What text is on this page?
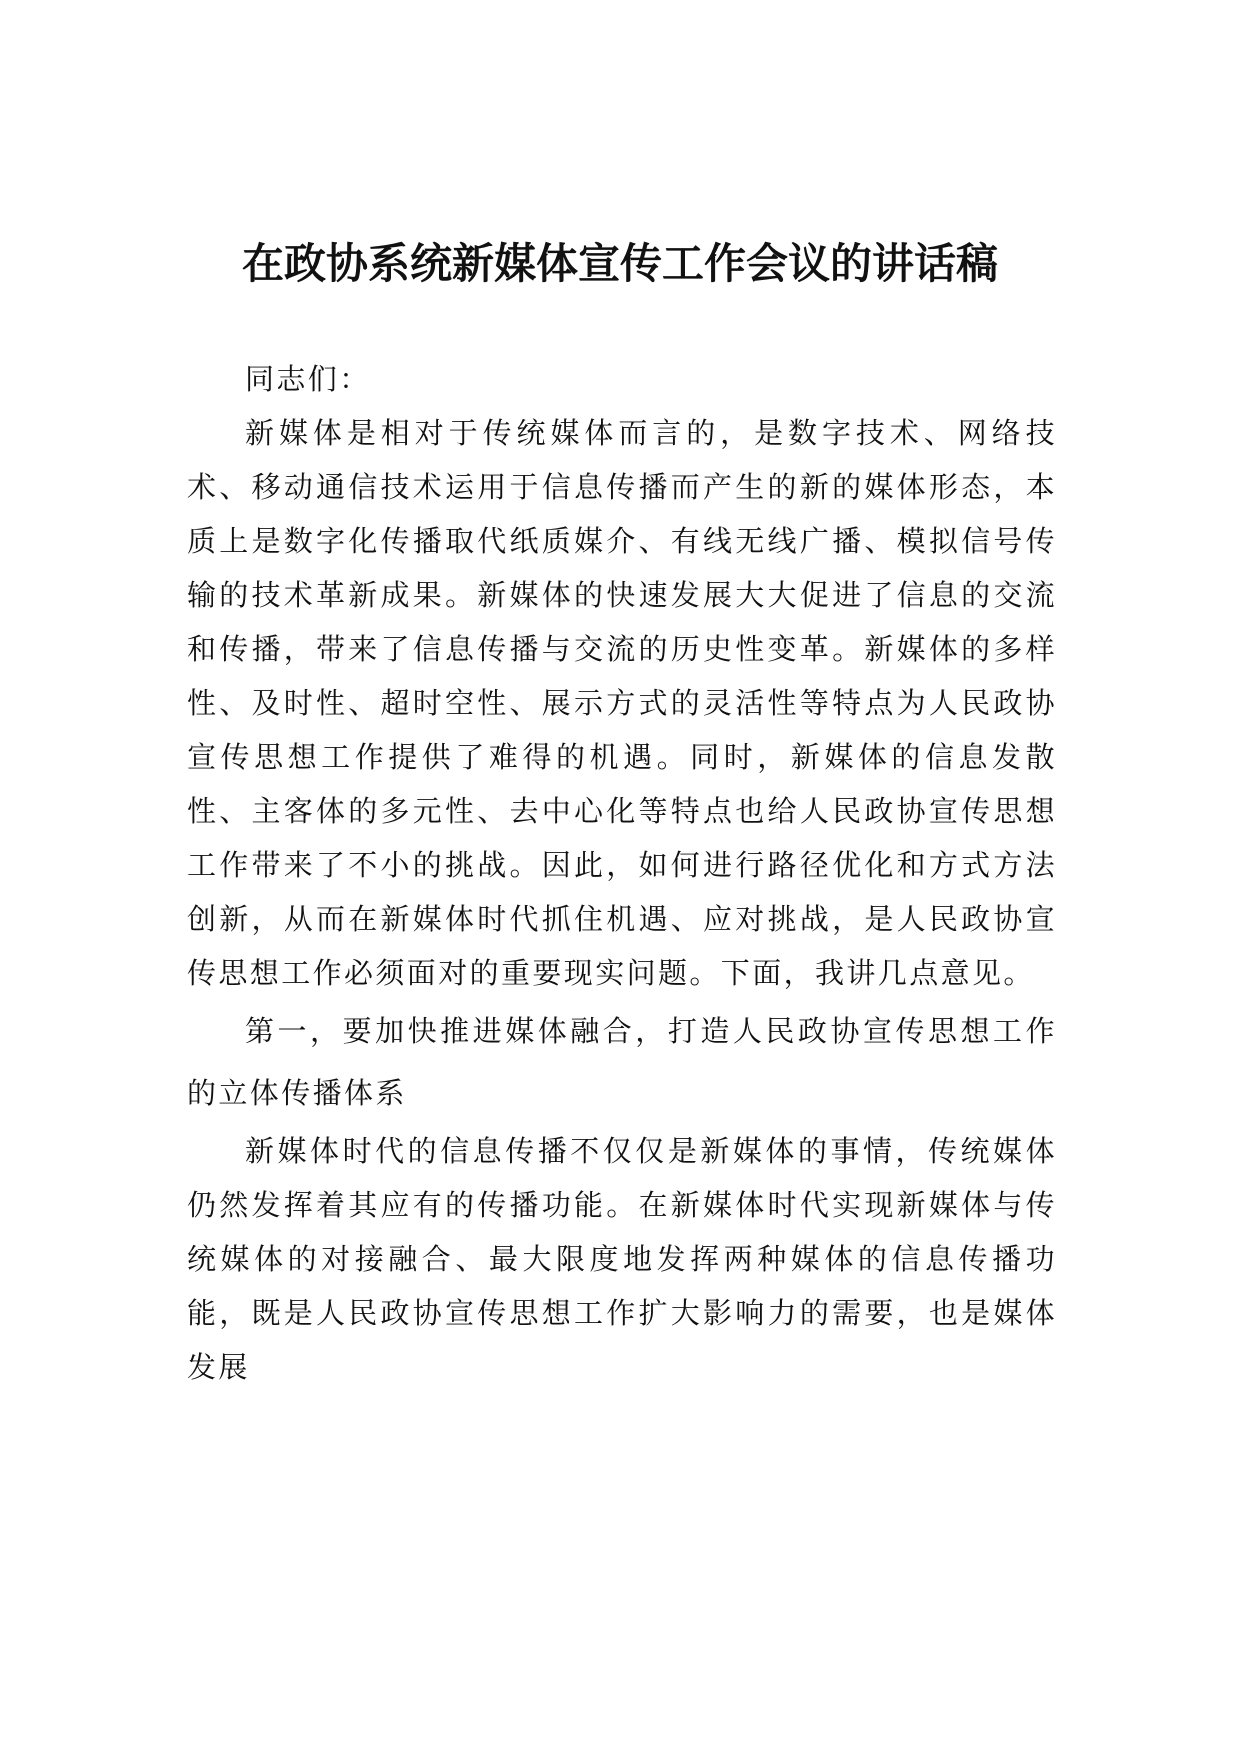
在政协系统新媒体宣传工作会议的讲话稿

同志们：

新媒体是相对于传统媒体而言的，是数字技术、网络技术、移动通信技术运用于信息传播而产生的新的媒体形态，本质上是数字化传播取代纸质媒介、有线无线广播、模拟信号传输的技术革新成果。新媒体的快速发展大大促进了信息的交流和传播，带来了信息传播与交流的历史性变革。新媒体的多样性、及时性、超时空性、展示方式的灵活性等特点为人民政协宣传思想工作提供了难得的机遇。同时，新媒体的信息发散性、主客体的多元性、去中心化等特点也给人民政协宣传思想工作带来了不小的挑战。因此，如何进行路径优化和方式方法创新，从而在新媒体时代抓住机遇、应对挑战，是人民政协宣传思想工作必须面对的重要现实问题。下面，我讲几点意见。

第一，要加快推进媒体融合，打造人民政协宣传思想工作的立体传播体系

新媒体时代的信息传播不仅仅是新媒体的事情，传统媒体仍然发挥着其应有的传播功能。在新媒体时代实现新媒体与传统媒体的对接融合、最大限度地发挥两种媒体的信息传播功能，既是人民政协宣传思想工作扩大影响力的需要，也是媒体发展
